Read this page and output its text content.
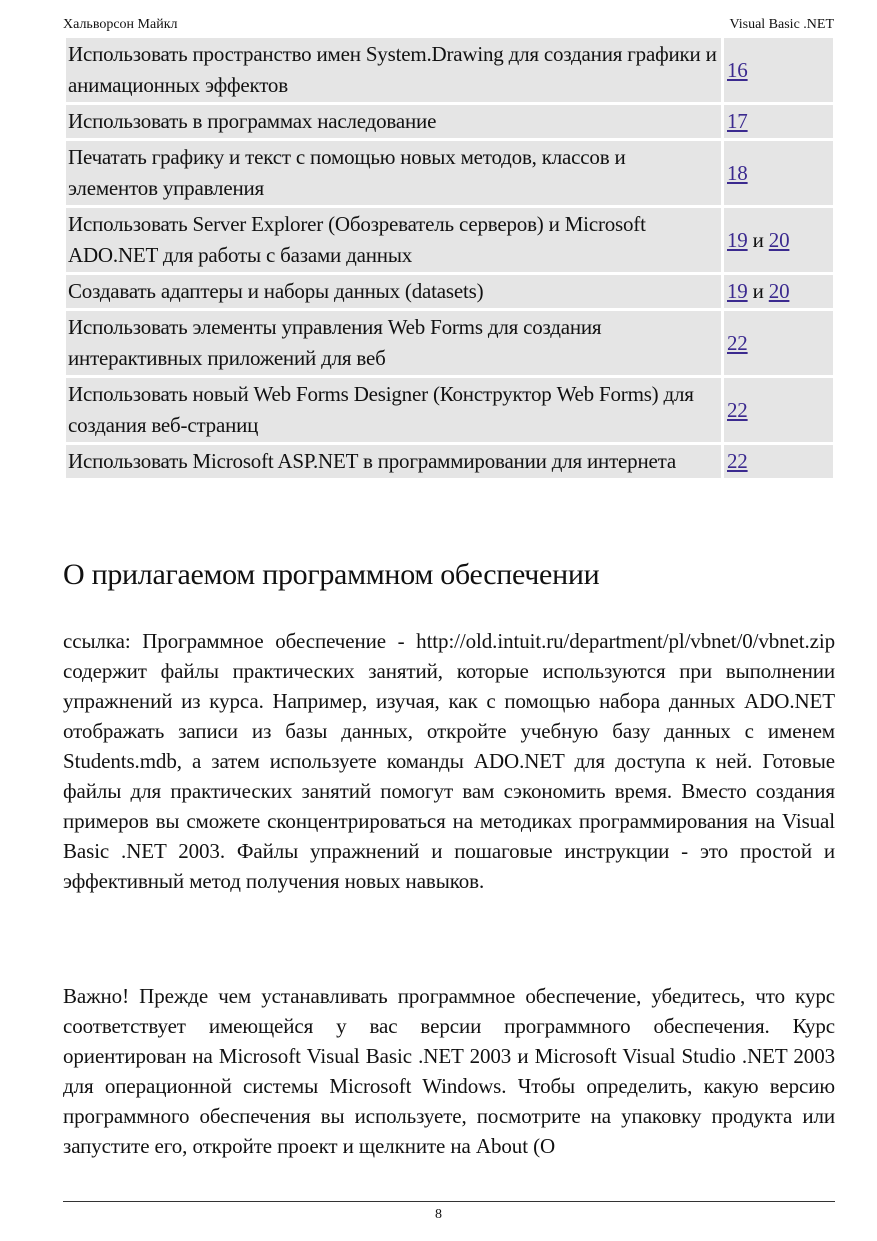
Хальворсон Майкл	Visual Basic .NET
Использовать пространство имен System.Drawing для создания графики и анимационных эффектов	16
Использовать в программах наследование	17
Печатать графику и текст с помощью новых методов, классов и элементов управления	18
Использовать Server Explorer (Обозреватель серверов) и Microsoft ADO.NET для работы с базами данных	19 и 20
Создавать адаптеры и наборы данных (datasets)	19 и 20
Использовать элементы управления Web Forms для создания интерактивных приложений для веб	22
Использовать новый Web Forms Designer (Конструктор Web Forms) для создания веб-страниц	22
Использовать Microsoft ASP.NET в программировании для интернета	22
О прилагаемом программном обеспечении

ссылка: Программное обеспечение - http://old.intuit.ru/department/pl/vbnet/0/vbnet.zip содержит файлы практических занятий, которые используются при выполнении упражнений из курса. Например, изучая, как с помощью набора данных ADO.NET отображать записи из базы данных, откройте учебную базу данных с именем Students.mdb, а затем используете команды ADO.NET для доступа к ней. Готовые файлы для практических занятий помогут вам сэкономить время. Вместо создания примеров вы сможете сконцентрироваться на методиках программирования на Visual Basic .NET 2003. Файлы упражнений и пошаговые инструкции - это простой и эффективный метод получения новых навыков.

Важно! Прежде чем устанавливать программное обеспечение, убедитесь, что курс соответствует имеющейся у вас версии программного обеспечения. Курс ориентирован на Microsoft Visual Basic .NET 2003 и Microsoft Visual Studio .NET 2003 для операционной системы Microsoft Windows. Чтобы определить, какую версию программного обеспечения вы используете, посмотрите на упаковку продукта или запустите его, откройте проект и щелкните на About (О

8
